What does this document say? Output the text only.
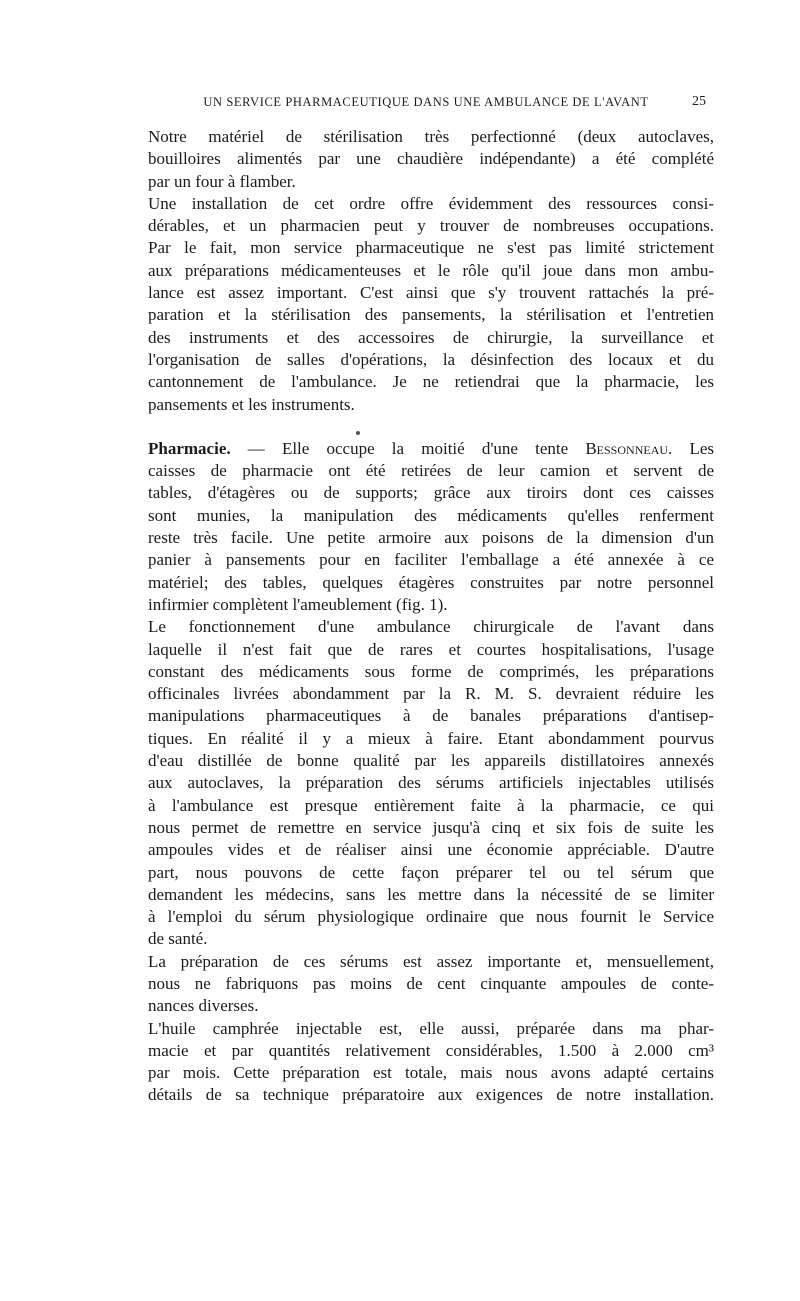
UN SERVICE PHARMACEUTIQUE DANS UNE AMBULANCE DE L'AVANT	2‌5

Notre matériel de stérilisation très perfectionné (deux autoclaves,
bouilloires alimentés par une chaudière indépendante) a été complété
par un four à flamber.

Une installation de cet ordre offre évidemment des ressources consi-
dérables, et un pharmacien peut y trouver de nombreuses occupations.
Par le fait, mon service pharmaceutique ne s'est pas limité strictement
aux préparations médicamenteuses et le rôle qu'il joue dans mon ambu-
lance est assez important. C'est ainsi que s'y trouvent rattachés la pré-
paration et la stérilisation des pansements, la stérilisation et l'entretien
des instruments et des accessoires de chirurgie, la surveillance et
l'organisation de salles d'opérations, la désinfection des locaux et du
cantonnement de l'ambulance. Je ne retiendrai que la pharmacie, les
pansements et les instruments.

Pharmacie. — Elle occupe la moitié d'une tente Bessonneau. Les
caisses de pharmacie ont été retirées de leur camion et servent de
tables, d'étagères ou de supports; grâce aux tiroirs dont ces caisses
sont munies, la manipulation des médicaments qu'elles renferment
reste très facile. Une petite armoire aux poisons de la dimension d'un
panier à pansements pour en faciliter l'emballage a été annexée à ce
matériel; des tables, quelques étagères construites par notre personnel
infirmier complètent l'ameublement (fig. 1).

Le fonctionnement d'une ambulance chirurgicale de l'avant dans
laquelle il n'est fait que de rares et courtes hospitalisations, l'usage
constant des médicaments sous forme de comprimés, les préparations
officinales livrées abondamment par la R. M. S. devraient réduire les
manipulations pharmaceutiques à de banales préparations d'antisep-
tiques. En réalité il y a mieux à faire. Etant abondamment pourvus
d'eau distillée de bonne qualité par les appareils distillatoires annexés
aux autoclaves, la préparation des sérums artificiels injectables utilisés
à l'ambulance est presque entièrement faite à la pharmacie, ce qui
nous permet de remettre en service jusqu'à cinq et six fois de suite les
ampoules vides et de réaliser ainsi une économie appréciable. D'autre
part, nous pouvons de cette façon préparer tel ou tel sérum que
demandent les médecins, sans les mettre dans la nécessité de se limiter
à l'emploi du sérum physiologique ordinaire que nous fournit le Service
de santé.

La préparation de ces sérums est assez importante et, mensuellement,
nous ne fabriquons pas moins de cent cinquante ampoules de conte-
nances diverses.

L'huile camphrée injectable est, elle aussi, préparée dans ma phar-
macie et par quantités relativement considérables, 1.500 à 2.000 cm³
par mois. Cette préparation est totale, mais nous avons adapté certains
détails de sa technique préparatoire aux exigences de notre installation.
